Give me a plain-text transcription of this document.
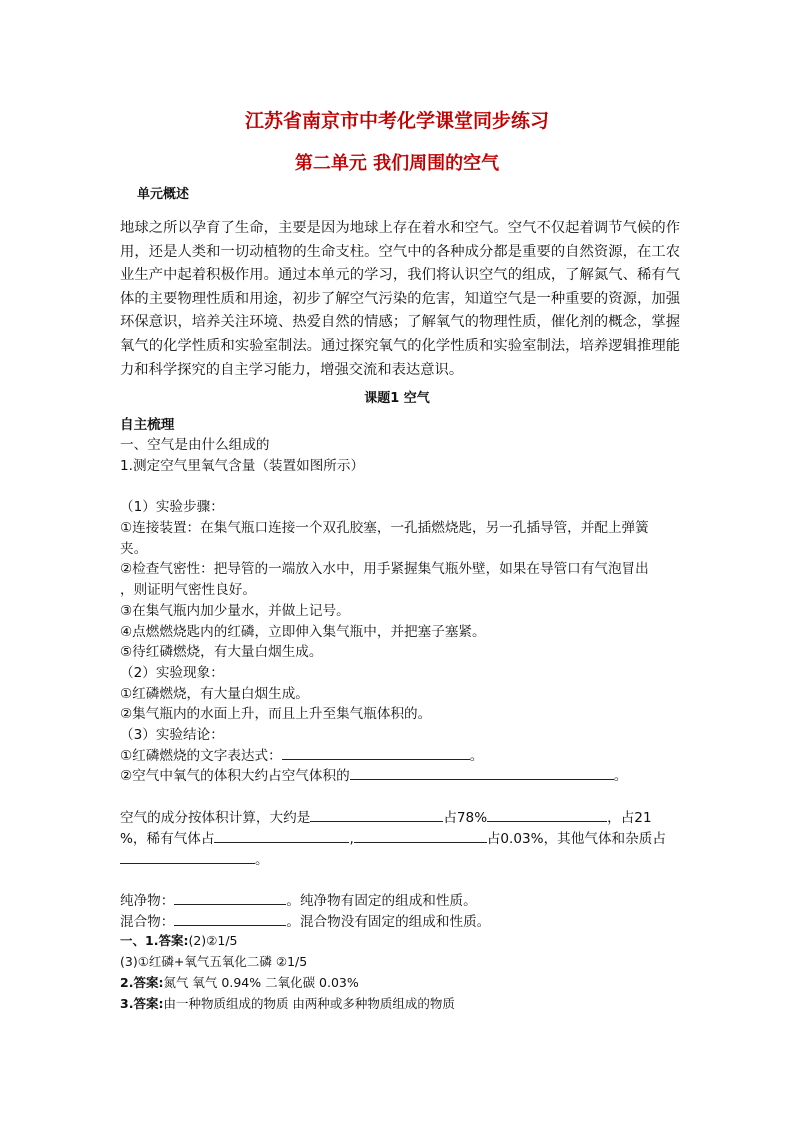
江苏省南京市中考化学课堂同步练习
第二单元 我们周围的空气
单元概述
地球之所以孕育了生命，主要是因为地球上存在着水和空气。空气不仅起着调节气候的作用，还是人类和一切动植物的生命支柱。空气中的各种成分都是重要的自然资源，在工农业生产中起着积极作用。通过本单元的学习，我们将认识空气的组成，了解氮气、稀有气体的主要物理性质和用途，初步了解空气污染的危害，知道空气是一种重要的资源，加强环保意识，培养关注环境、热爱自然的情感；了解氧气的物理性质，催化剂的概念，掌握氧气的化学性质和实验室制法。通过探究氧气的化学性质和实验室制法，培养逻辑推理能力和科学探究的自主学习能力，增强交流和表达意识。
课题1 空气
自主梳理
一、空气是由什么组成的
1.测定空气里氧气含量（装置如图所示）
（1）实验步骤：
①连接装置：在集气瓶口连接一个双孔胶塞，一孔插燃烧匙，另一孔插导管，并配上弹簧
夹。
②检查气密性：把导管的一端放入水中，用手紧握集气瓶外壁，如果在导管口有气泡冒出
，则证明气密性良好。
③在集气瓶内加少量水，并做上记号。
④点燃燃烧匙内的红磷，立即伸入集气瓶中，并把塞子塞紧。
⑤待红磷燃烧，有大量白烟生成。
（2）实验现象：
①红磷燃烧，有大量白烟生成。
②集气瓶内的水面上升，而且上升至集气瓶体积的。
（3）实验结论：
①红磷燃烧的文字表达式：	。
②空气中氧气的体积大约占空气体积的	。
空气的成分按体积计算，大约是	占78%	，占21
%，稀有气体占	,	占0.03%，其他气体和杂质占
。
纯净物：	。纯净物有固定的组成和性质。
混合物：	。混合物没有固定的组成和性质。
一、1.答案:(2)②1/5
(3)①红磷+氧气五氧化二磷 ②1/5
2.答案:氮气 氧气 0.94% 二氧化碳 0.03%
3.答案:由一种物质组成的物质 由两种或多种物质组成的物质
